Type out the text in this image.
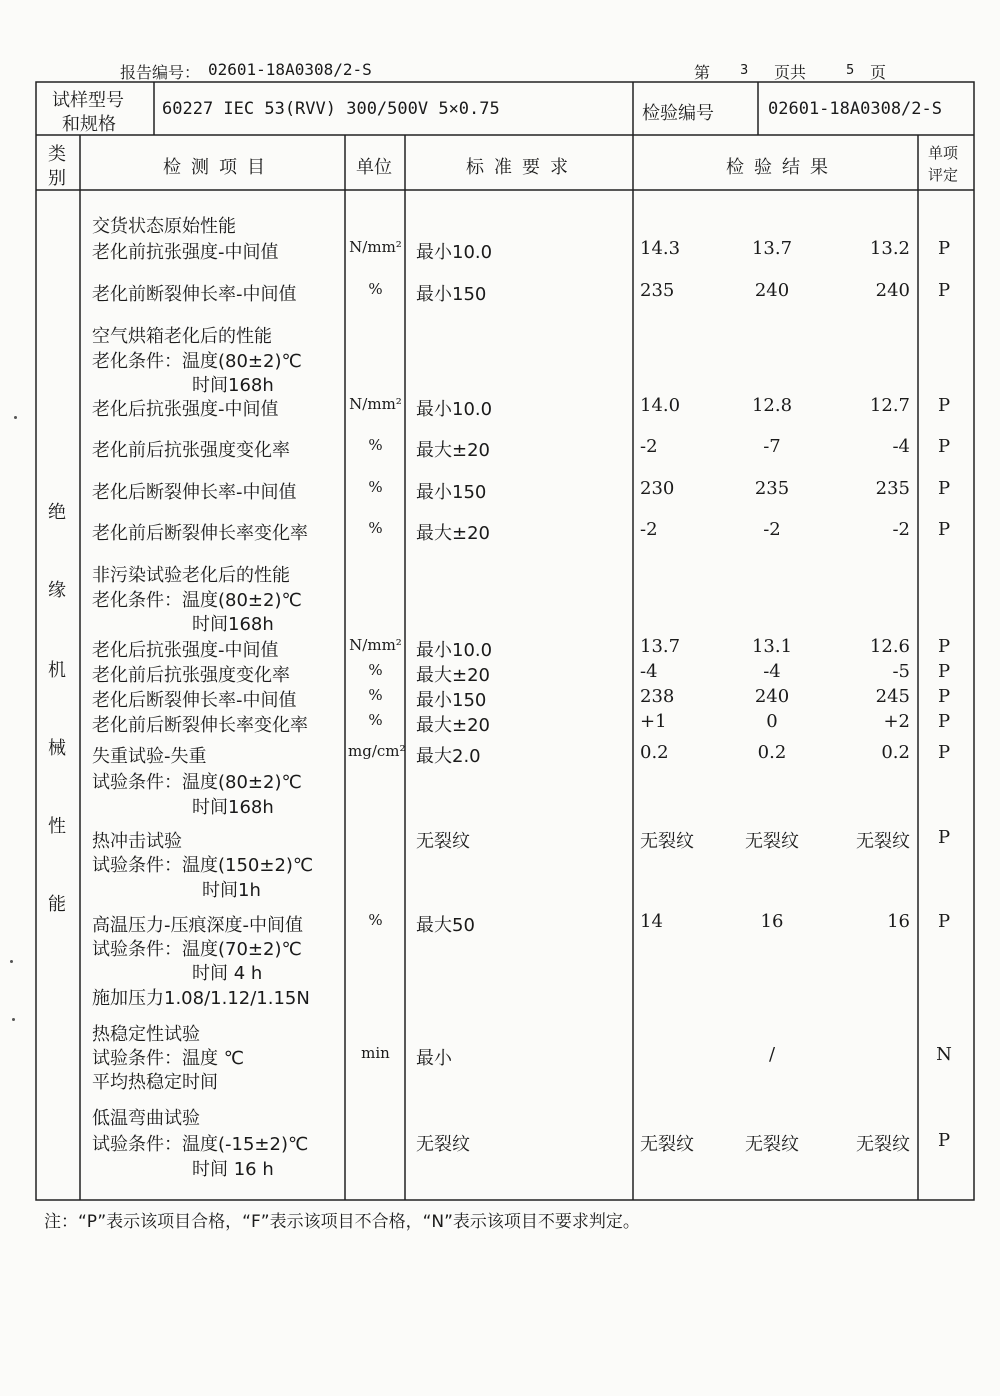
报告编号： 02601-18A0308/2-S	第 3 页共	5 页
试样型号
和规格
60227 IEC 53(RVV) 300/500V 5×0.75	检验编号	02601-18A0308/2-S
类
别
检测项目	单位	标准要求	检验结果
单项
评定
绝
缘
机
械
性
能
交货状态原始性能
老化前抗张强度-中间值	N/mm² 最小10.0	14.3	13.7	13.2	P
老化前断裂伸长率-中间值	%	最小150	235	240	240	P
空气烘箱老化后的性能
老化条件：温度(80±2)℃
时间168h
老化后抗张强度-中间值	N/mm² 最小10.0	14.0	12.8	12.7	P
老化前后抗张强度变化率	%	最大±20	-2	-7	-4	P
老化后断裂伸长率-中间值	%	最小150	230	235	235	P
老化前后断裂伸长率变化率	%	最大±20	-2	-2	-2	P
非污染试验老化后的性能
老化条件：温度(80±2)℃
时间168h
老化后抗张强度-中间值	N/mm² 最小10.0	13.7	13.1	12.6	P
老化前后抗张强度变化率	%	最大±20	-4	-4	-5	P
老化后断裂伸长率-中间值	%	最小150	238	240	245	P
老化前后断裂伸长率变化率	%	最大±20	+1	0	+2	P
失重试验-失重	mg/cm² 最大2.0	0.2	0.2	0.2	P
试验条件：温度(80±2)℃
时间168h
热冲击试验	无裂纹	无裂纹	无裂纹	无裂纹	P
试验条件：温度(150±2)℃
时间1h
高温压力-压痕深度-中间值	%	最大50	14	16	16	P
试验条件：温度(70±2)℃
时间 4 h
施加压力1.08/1.12/1.15N
热稳定性试验
试验条件：温度 ℃	min	最小	/	N
平均热稳定时间
低温弯曲试验
试验条件：温度(-15±2)℃	无裂纹	无裂纹	无裂纹	无裂纹	P
时间 16 h
注：“P”表示该项目合格，“F”表示该项目不合格，“N”表示该项目不要求判定。
